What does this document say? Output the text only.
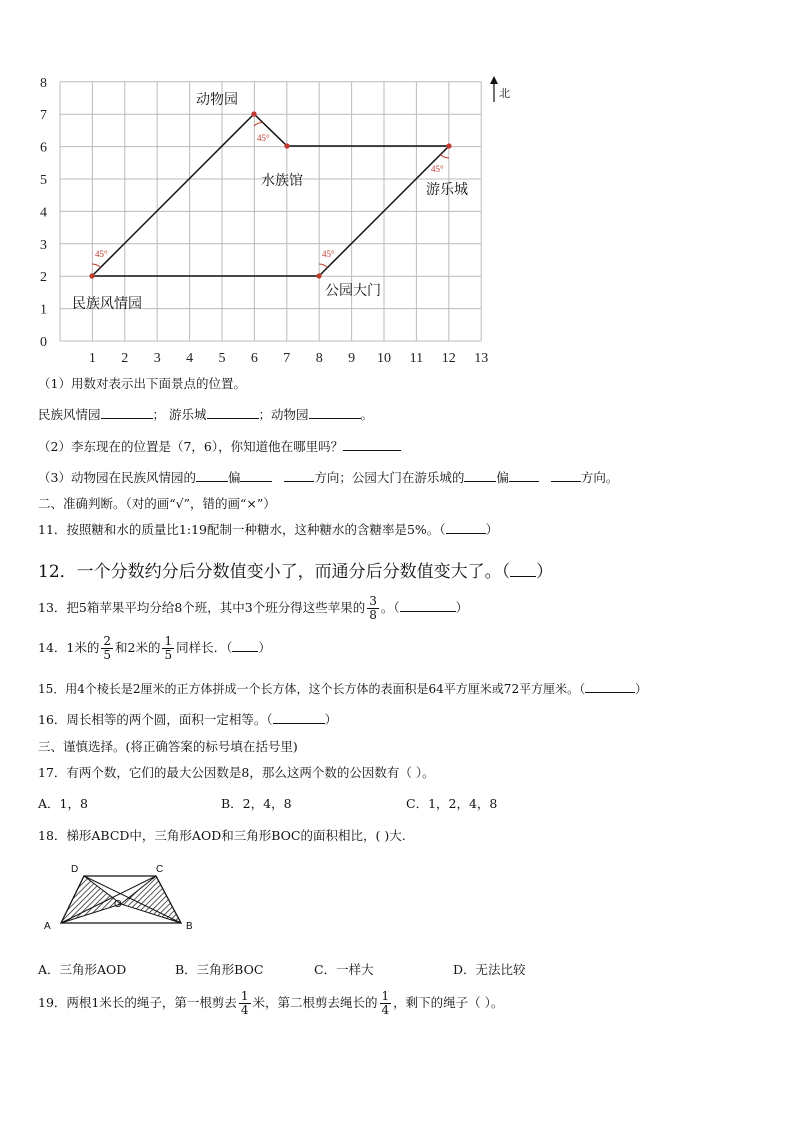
0
1
2
3
4
5
6
7
8
1 2 3 4 5 6 7 8 9 10 11 12 13
45°
45°
45°
45°
动物园
水族馆
游乐城
民族风情园
公园大门
北
（1）用数对表示出下面景点的位置。
民族风情园	； 游乐城	；动物园	。
（2）李东现在的位置是（7，6），你知道他在哪里吗？
（3）动物园在民族风情园的	偏	方向；公园大门在游乐城的	偏	方向。
二、准确判断。（对的画“√”，错的画“×”）
11．按照糖和水的质量比1:19配制一种糖水，这种糖水的含糖率是5%。（	）
12．一个分数约分后分数值变小了，而通分后分数值变大了。（ ）
13．把5箱苹果平均分给8个班，其中3个班分得这些苹果的 $\frac{3}{8}$ 。（	）
14．1米的 $\frac{2}{5}$ 和2米的 $\frac{1}{5}$ 同样长．（ ）
15．用4个棱长是2厘米的正方体拼成一个长方体，这个长方体的表面积是64平方厘米或72平方厘米。（	）
16．周长相等的两个圆，面积一定相等。（	）
三、谨慎选择。(将正确答案的标号填在括号里)
17．有两个数，它们的最大公因数是8，那么这两个数的公因数有（ ）。
A．1，8	B．2，4，8	C．1，2，4，8
18．梯形ABCD中，三角形AOD和三角形BOC的面积相比，( )大.
A	B
C
D
O
A．三角形AOD	B．三角形BOC	C．一样大	D．无法比较
19．两根1米长的绳子，第一根剪去 $\frac{1}{4}$ 米，第二根剪去绳长的 $\frac{1}{4}$ ，剩下的绳子（ ）。
